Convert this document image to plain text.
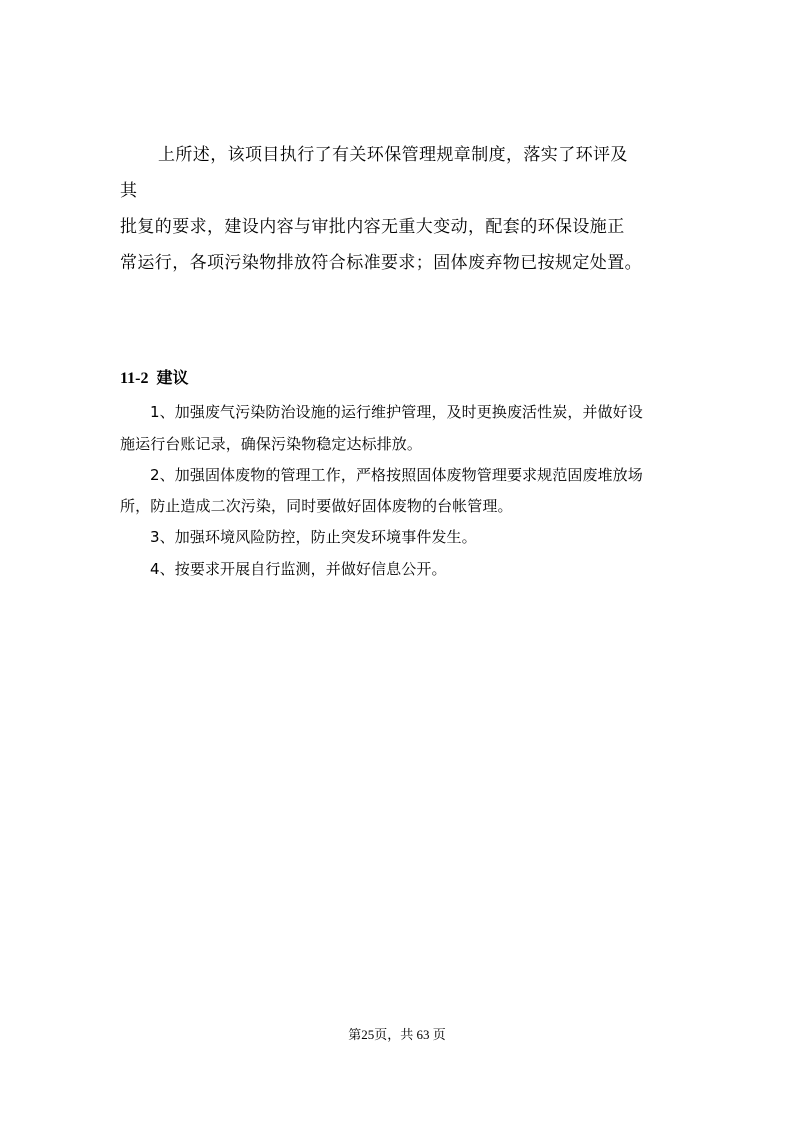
上所述，该项目执行了有关环保管理规章制度，落实了环评及

其

批复的要求，建设内容与审批内容无重大变动，配套的环保设施正

常运行，各项污染物排放符合标准要求；固体废弃物已按规定处置。

11-2 建议

1、加强废气污染防治设施的运行维护管理，及时更换废活性炭，并做好设

施运行台账记录，确保污染物稳定达标排放。

2、加强固体废物的管理工作，严格按照固体废物管理要求规范固废堆放场

所，防止造成二次污染，同时要做好固体废物的台帐管理。

3、加强环境风险防控，防止突发环境事件发生。

4、按要求开展自行监测，并做好信息公开。

第25页，共 63 页
